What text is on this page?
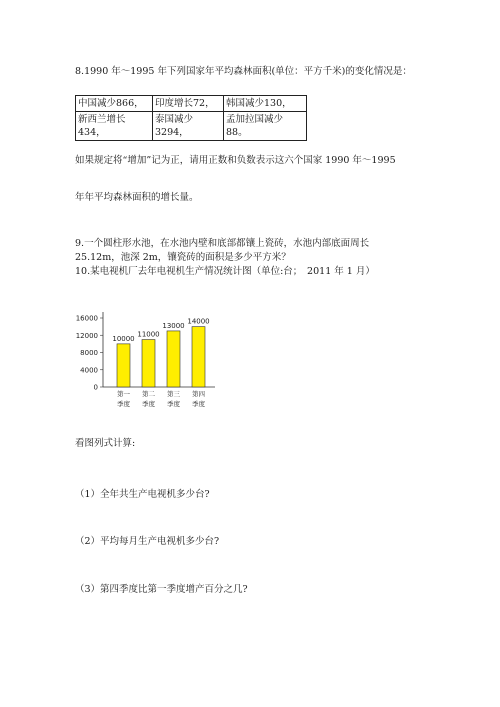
8.1990 年～1995 年下列国家年平均森林面积(单位：平方千米)的变化情况是：
中国减少866，	印度增长72，	韩国减少130，
新西兰增长434，	泰国减少3294，	孟加拉国减少88。
如果规定将“增加”记为正，请用正数和负数表示这六个国家 1990 年～1995
年年平均森林面积的增长量。
9.一个圆柱形水池，在水池内壁和底部都镶上瓷砖，水池内部底面周长
25.12m，池深 2m，镶瓷砖的面积是多少平方米？
10.某电视机厂去年电视机生产情况统计图（单位:台；　2011 年 1 月）
0
4000
8000
12000
16000
10000
第一
季度
11000
第二
季度
13000
第三
季度
14000
第四
季度
看图列式计算:
（1）全年共生产电视机多少台?
（2）平均每月生产电视机多少台?
（3）第四季度比第一季度增产百分之几?
